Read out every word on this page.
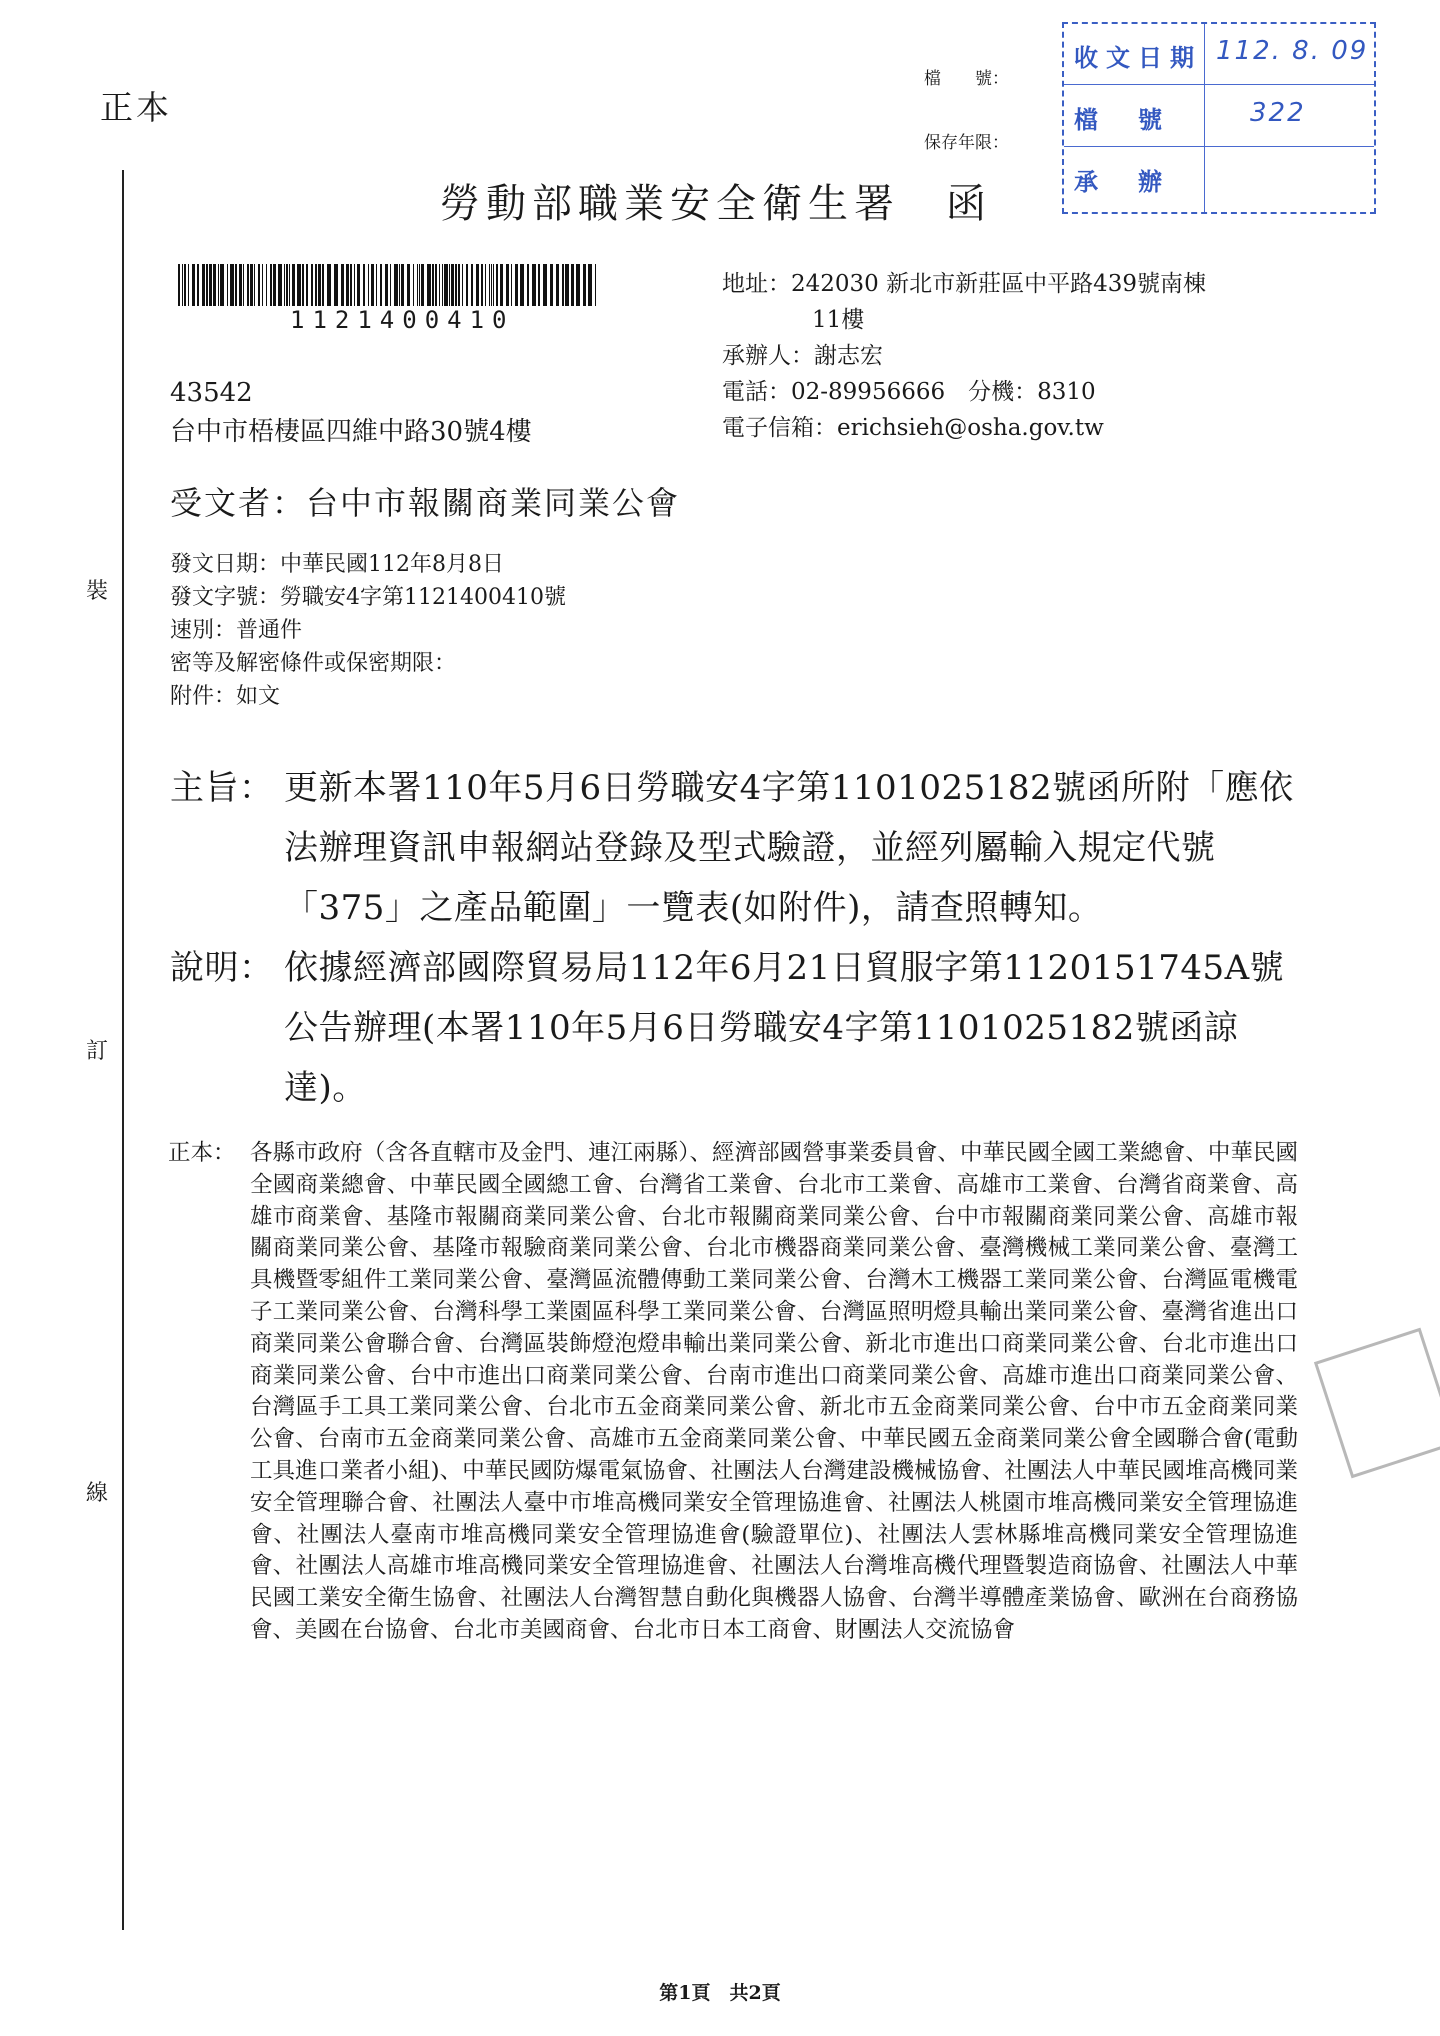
正本
檔　　號：
保存年限：
收文日期 112. 8. 09
檔　號	322
承　辦
裝
訂
線
勞動部職業安全衛生署　函
1121400410
地址：242030 新北市新莊區中平路439號南棟
11樓
承辦人：謝志宏
電話：02-89956666　分機：8310
電子信箱：erichsieh@osha.gov.tw
43542
台中市梧棲區四維中路30號4樓
受文者：台中市報關商業同業公會
發文日期：中華民國112年8月8日
發文字號：勞職安4字第1121400410號
速別：普通件
密等及解密條件或保密期限：
附件：如文
主旨： 更新本署110年5月6日勞職安4字第1101025182號函所附「應依法辦理資訊申報網站登錄及型式驗證，並經列屬輸入規定代號「375」之產品範圍」一覽表(如附件)，請查照轉知。
說明： 依據經濟部國際貿易局112年6月21日貿服字第1120151745A號公告辦理(本署110年5月6日勞職安4字第1101025182號函諒達)。
正本： 各縣市政府（含各直轄市及金門、連江兩縣）、經濟部國營事業委員會、中華民國全國工業總會、中華民國全國商業總會、中華民國全國總工會、台灣省工業會、台北市工業會、高雄市工業會、台灣省商業會、高雄市商業會、基隆市報關商業同業公會、台北市報關商業同業公會、台中市報關商業同業公會、高雄市報關商業同業公會、基隆市報驗商業同業公會、台北市機器商業同業公會、臺灣機械工業同業公會、臺灣工具機暨零組件工業同業公會、臺灣區流體傳動工業同業公會、台灣木工機器工業同業公會、台灣區電機電子工業同業公會、台灣科學工業園區科學工業同業公會、台灣區照明燈具輸出業同業公會、臺灣省進出口商業同業公會聯合會、台灣區裝飾燈泡燈串輸出業同業公會、新北市進出口商業同業公會、台北市進出口商業同業公會、台中市進出口商業同業公會、台南市進出口商業同業公會、高雄市進出口商業同業公會、台灣區手工具工業同業公會、台北市五金商業同業公會、新北市五金商業同業公會、台中市五金商業同業公會、台南市五金商業同業公會、高雄市五金商業同業公會、中華民國五金商業同業公會全國聯合會(電動工具進口業者小組)、中華民國防爆電氣協會、社團法人台灣建設機械協會、社團法人中華民國堆高機同業安全管理聯合會、社團法人臺中市堆高機同業安全管理協進會、社團法人桃園市堆高機同業安全管理協進會、社團法人臺南市堆高機同業安全管理協進會(驗證單位)、社團法人雲林縣堆高機同業安全管理協進會、社團法人高雄市堆高機同業安全管理協進會、社團法人台灣堆高機代理暨製造商協會、社團法人中華民國工業安全衛生協會、社團法人台灣智慧自動化與機器人協會、台灣半導體產業協會、歐洲在台商務協會、美國在台協會、台北市美國商會、台北市日本工商會、財團法人交流協會
第1頁　共2頁
